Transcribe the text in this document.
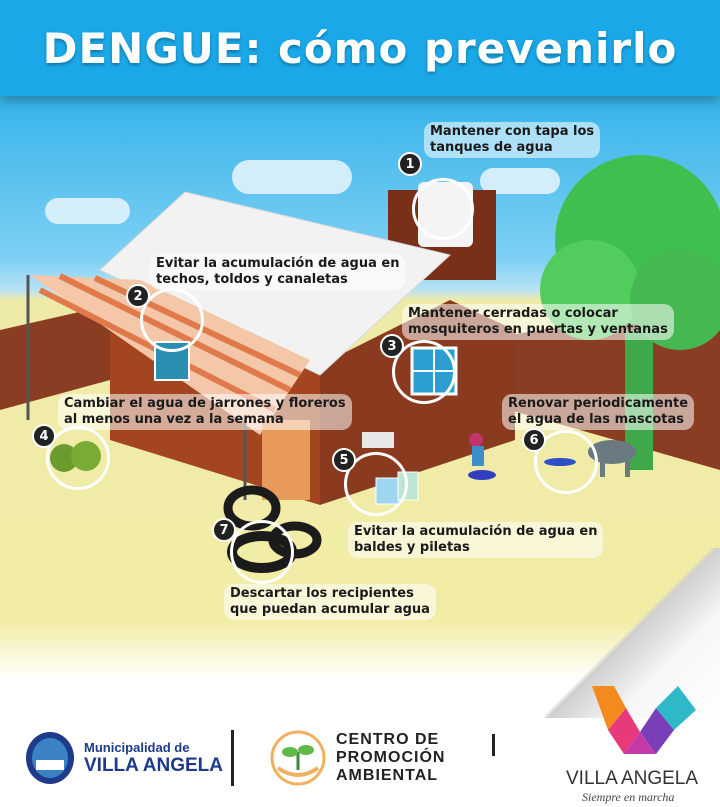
DENGUE: cómo prevenirlo
1
2
3
4
5
6
7
Mantener con tapa los
tanques de agua
Evitar la acumulación de agua en
techos, toldos y canaletas
Mantener cerradas o colocar
mosquiteros en puertas y ventanas
Cambiar el agua de jarrones y floreros
al menos una vez a la semana
Evitar la acumulación de agua en
baldes y piletas
Renovar periodicamente
el agua de las mascotas
Descartar los recipientes
que puedan acumular agua
Municipalidad de
VILLA ANGELA
CENTRO DE
PROMOCIÓN
AMBIENTAL	VILLA ANGELA
Siempre en marcha
